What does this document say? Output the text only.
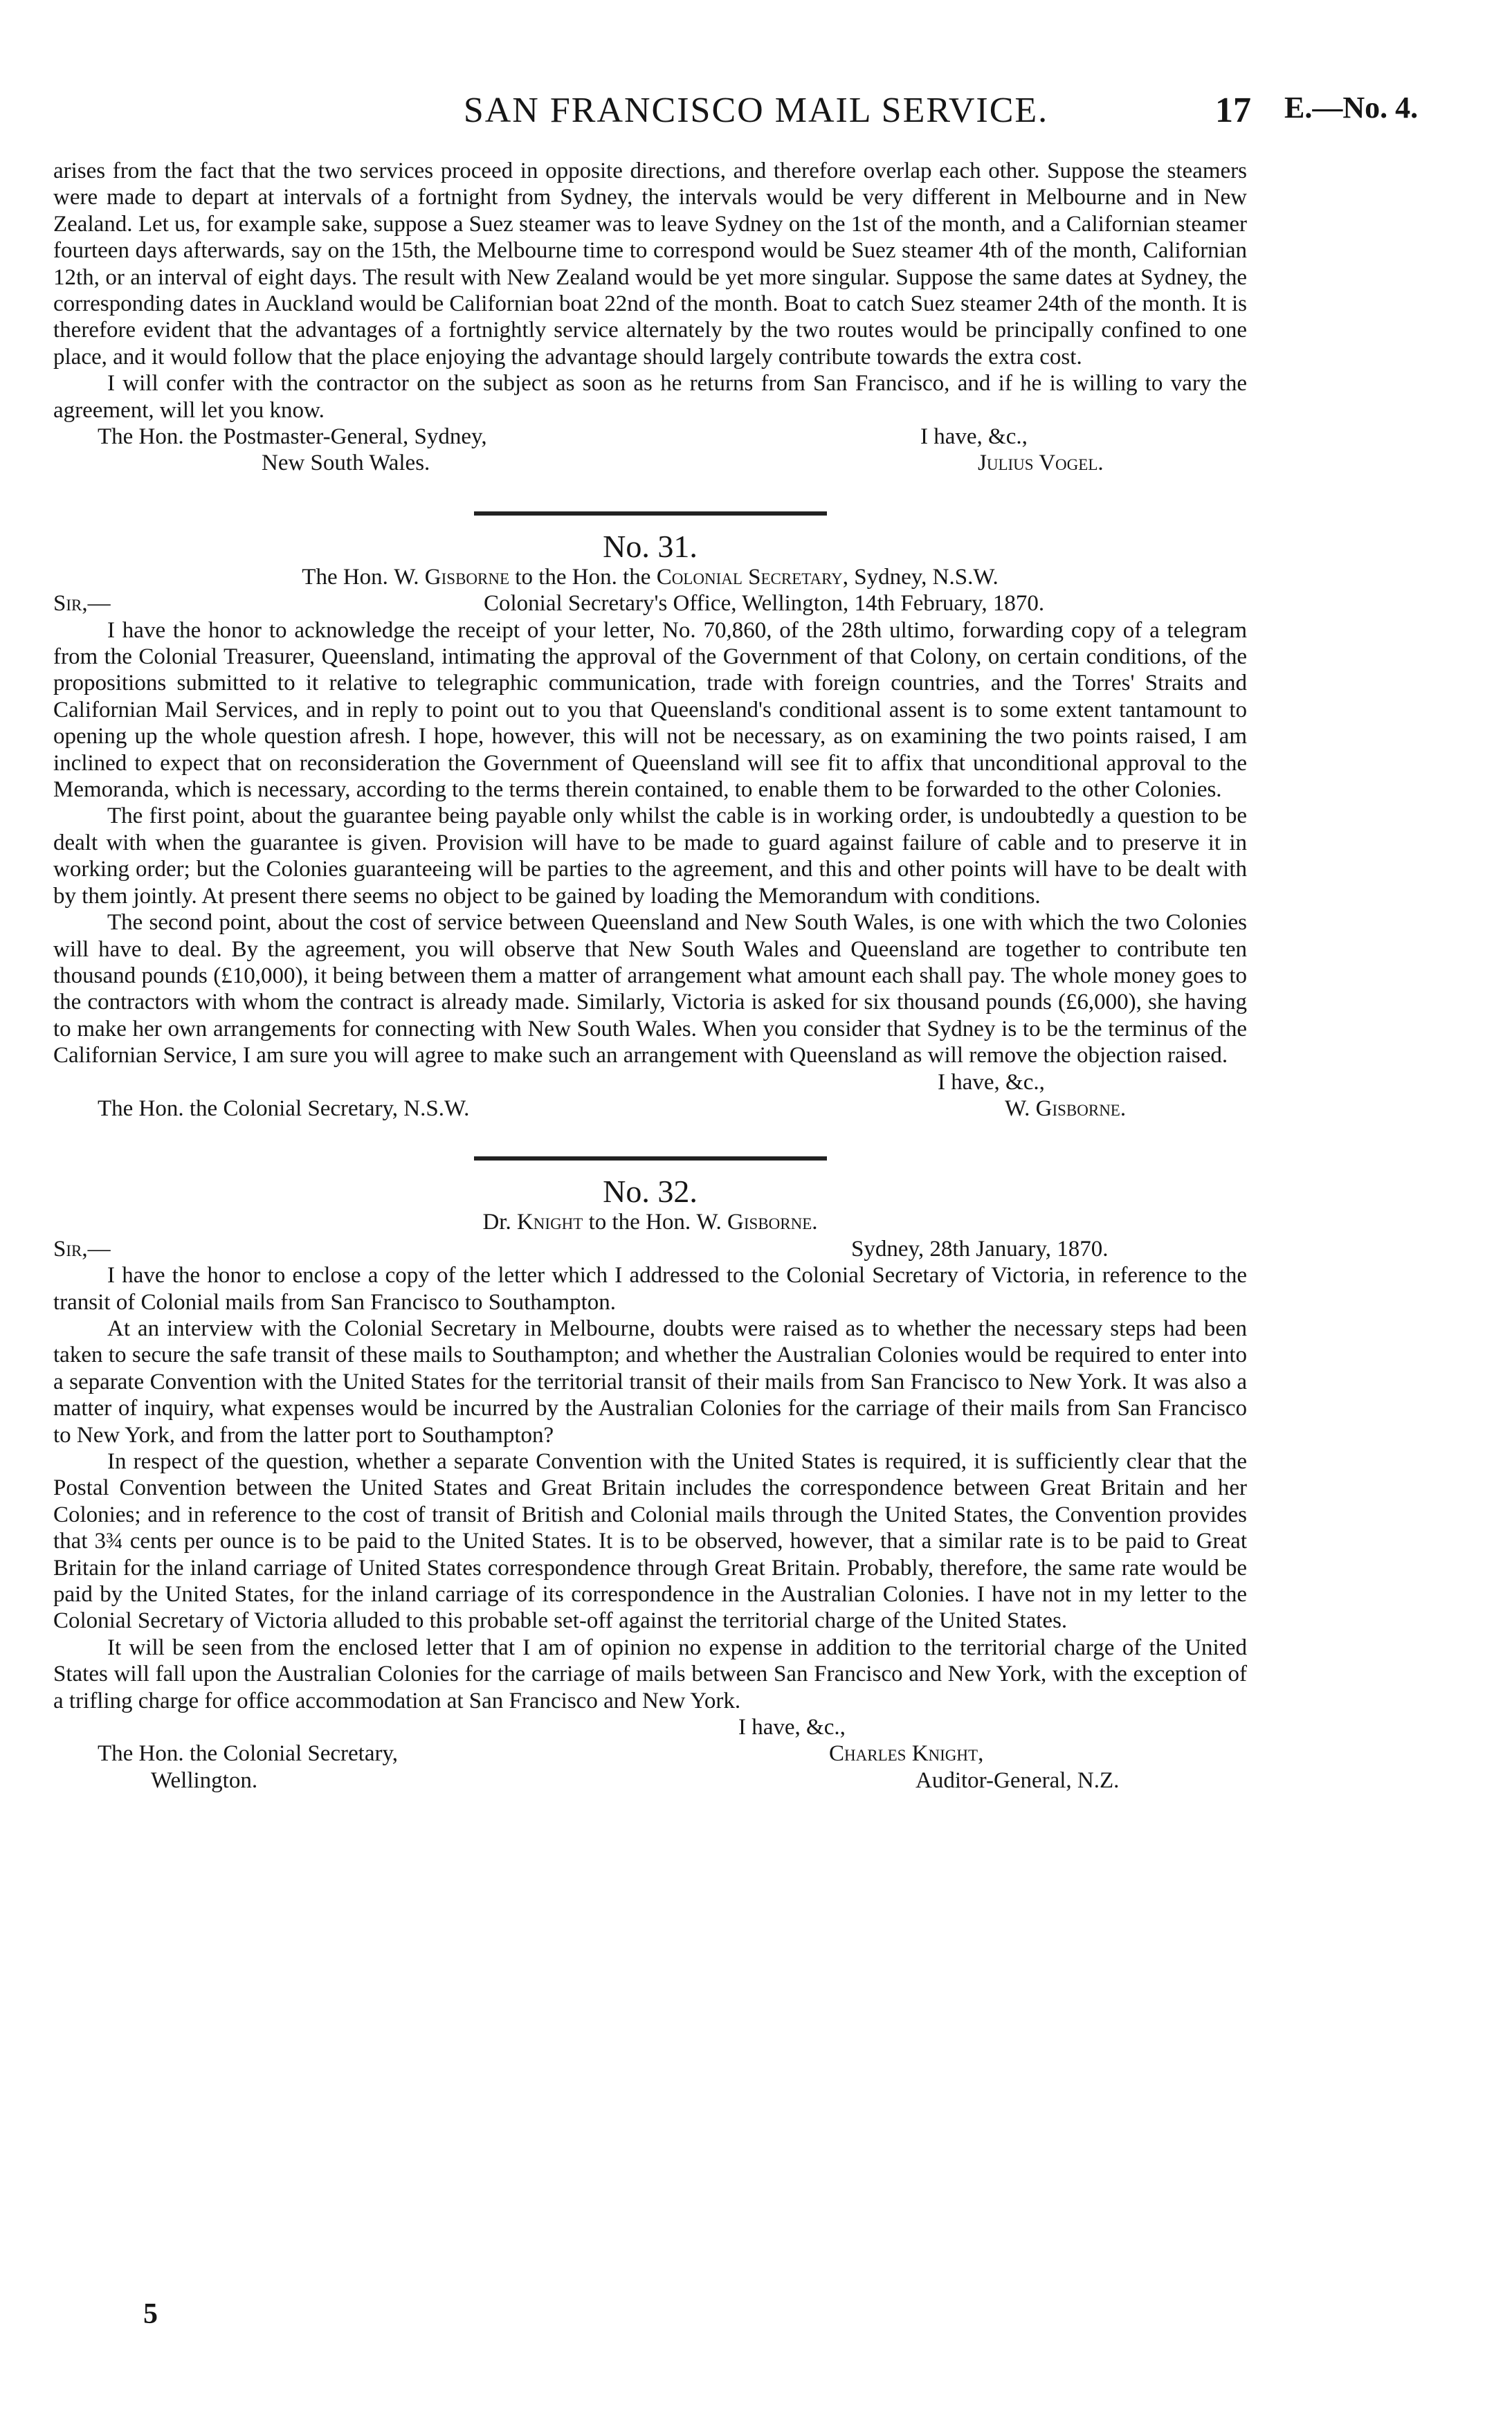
SAN FRANCISCO MAIL SERVICE.	17 E.—No. 4.

arises from the fact that the two services proceed in opposite directions, and therefore overlap each other. Suppose the steamers were made to depart at intervals of a fortnight from Sydney, the intervals would be very different in Melbourne and in New Zealand. Let us, for example sake, suppose a Suez steamer was to leave Sydney on the 1st of the month, and a Californian steamer fourteen days afterwards, say on the 15th, the Melbourne time to correspond would be Suez steamer 4th of the month, Californian 12th, or an interval of eight days. The result with New Zealand would be yet more singular. Suppose the same dates at Sydney, the corresponding dates in Auckland would be Californian boat 22nd of the month. Boat to catch Suez steamer 24th of the month. It is therefore evident that the advantages of a fortnightly service alternately by the two routes would be principally confined to one place, and it would follow that the place enjoying the advantage should largely contribute towards the extra cost.

I will confer with the contractor on the subject as soon as he returns from San Francisco, and if he is willing to vary the agreement, will let you know.

The Hon. the Postmaster-General, Sydney,	I have, &c.,
New South Wales.	Julius Vogel.
No. 31.
The Hon. W. Gisborne to the Hon. the Colonial Secretary, Sydney, N.S.W.
Sir,—	Colonial Secretary's Office, Wellington, 14th February, 1870.

I have the honor to acknowledge the receipt of your letter, No. 70,860, of the 28th ultimo, forwarding copy of a telegram from the Colonial Treasurer, Queensland, intimating the approval of the Government of that Colony, on certain conditions, of the propositions submitted to it relative to telegraphic communication, trade with foreign countries, and the Torres' Straits and Californian Mail Services, and in reply to point out to you that Queensland's conditional assent is to some extent tantamount to opening up the whole question afresh. I hope, however, this will not be necessary, as on examining the two points raised, I am inclined to expect that on reconsideration the Government of Queensland will see fit to affix that unconditional approval to the Memoranda, which is necessary, according to the terms therein contained, to enable them to be forwarded to the other Colonies.

The first point, about the guarantee being payable only whilst the cable is in working order, is undoubtedly a question to be dealt with when the guarantee is given. Provision will have to be made to guard against failure of cable and to preserve it in working order; but the Colonies guaranteeing will be parties to the agreement, and this and other points will have to be dealt with by them jointly. At present there seems no object to be gained by loading the Memorandum with conditions.

The second point, about the cost of service between Queensland and New South Wales, is one with which the two Colonies will have to deal. By the agreement, you will observe that New South Wales and Queensland are together to contribute ten thousand pounds (£10,000), it being between them a matter of arrangement what amount each shall pay. The whole money goes to the contractors with whom the contract is already made. Similarly, Victoria is asked for six thousand pounds (£6,000), she having to make her own arrangements for connecting with New South Wales. When you consider that Sydney is to be the terminus of the Californian Service, I am sure you will agree to make such an arrangement with Queensland as will remove the objection raised.

I have, &c.,
The Hon. the Colonial Secretary, N.S.W.	W. Gisborne.
No. 32.
Dr. Knight to the Hon. W. Gisborne.
Sir,—	Sydney, 28th January, 1870.

I have the honor to enclose a copy of the letter which I addressed to the Colonial Secretary of Victoria, in reference to the transit of Colonial mails from San Francisco to Southampton.

At an interview with the Colonial Secretary in Melbourne, doubts were raised as to whether the necessary steps had been taken to secure the safe transit of these mails to Southampton; and whether the Australian Colonies would be required to enter into a separate Convention with the United States for the territorial transit of their mails from San Francisco to New York. It was also a matter of inquiry, what expenses would be incurred by the Australian Colonies for the carriage of their mails from San Francisco to New York, and from the latter port to Southampton?

In respect of the question, whether a separate Convention with the United States is required, it is sufficiently clear that the Postal Convention between the United States and Great Britain includes the correspondence between Great Britain and her Colonies; and in reference to the cost of transit of British and Colonial mails through the United States, the Convention provides that 3¾ cents per ounce is to be paid to the United States. It is to be observed, however, that a similar rate is to be paid to Great Britain for the inland carriage of United States correspondence through Great Britain. Probably, therefore, the same rate would be paid by the United States, for the inland carriage of its correspondence in the Australian Colonies. I have not in my letter to the Colonial Secretary of Victoria alluded to this probable set-off against the territorial charge of the United States.

It will be seen from the enclosed letter that I am of opinion no expense in addition to the territorial charge of the United States will fall upon the Australian Colonies for the carriage of mails between San Francisco and New York, with the exception of a trifling charge for office accommodation at San Francisco and New York.

I have, &c.,
The Hon. the Colonial Secretary,	Charles Knight,
Wellington.	Auditor-General, N.Z.
5
